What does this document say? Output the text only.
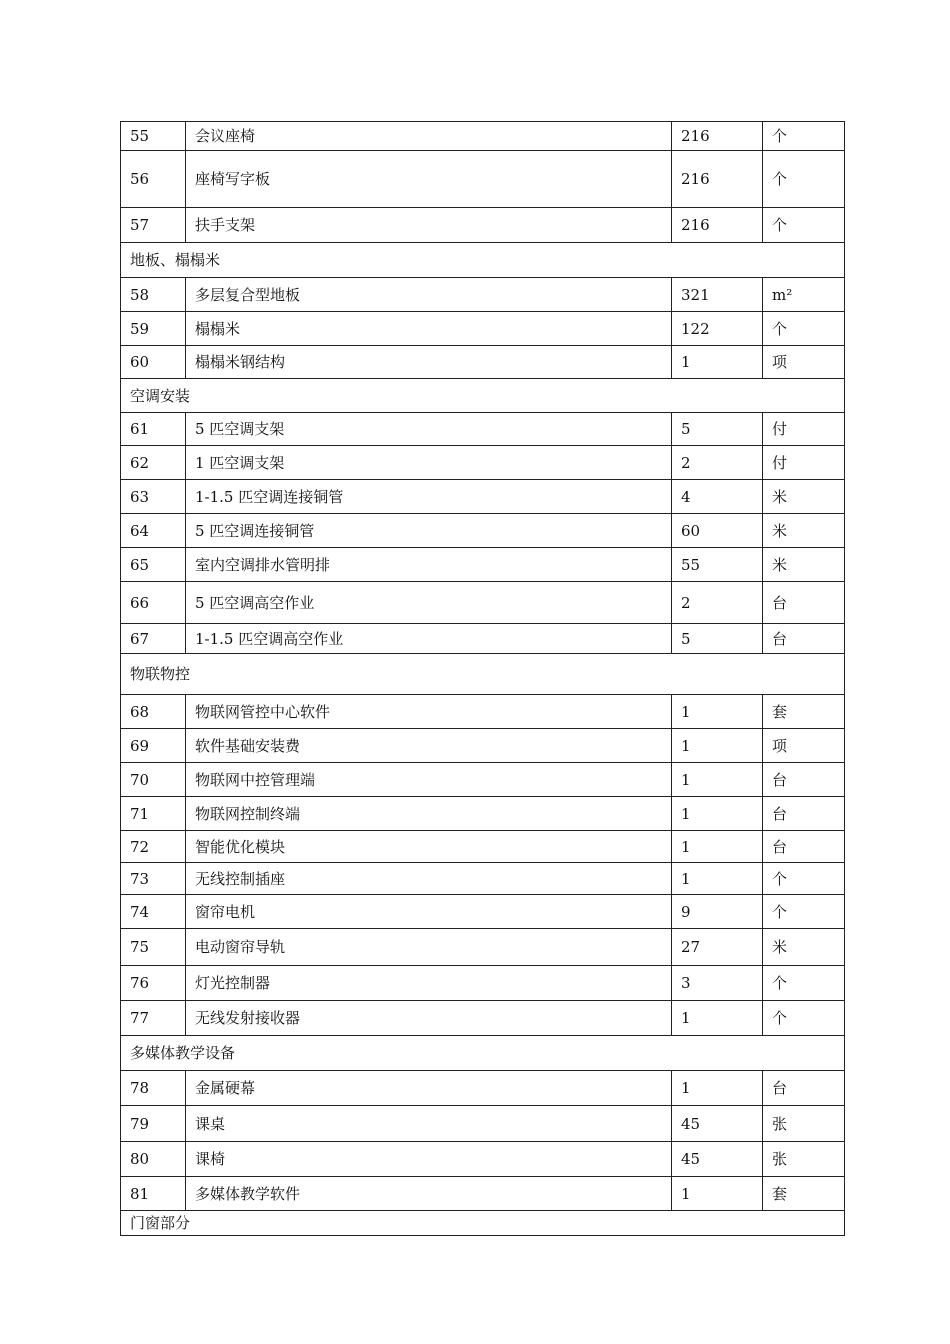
55	会议座椅	216	个
56	座椅写字板	216	个
57	扶手支架	216	个
地板、榻榻米			
58	多层复合型地板	321	m²
59	榻榻米	122	个
60	榻榻米钢结构	1	项
空调安装			
61	5 匹空调支架	5	付
62	1 匹空调支架	2	付
63	1-1.5 匹空调连接铜管	4	米
64	5 匹空调连接铜管	60	米
65	室内空调排水管明排	55	米
66	5 匹空调高空作业	2	台
67	1-1.5 匹空调高空作业	5	台
物联物控			
68	物联网管控中心软件	1	套
69	软件基础安装费	1	项
70	物联网中控管理端	1	台
71	物联网控制终端	1	台
72	智能优化模块	1	台
73	无线控制插座	1	个
74	窗帘电机	9	个
75	电动窗帘导轨	27	米
76	灯光控制器	3	个
77	无线发射接收器	1	个
多媒体教学设备			
78	金属硬幕	1	台
79	课桌	45	张
80	课椅	45	张
81	多媒体教学软件	1	套
门窗部分			
